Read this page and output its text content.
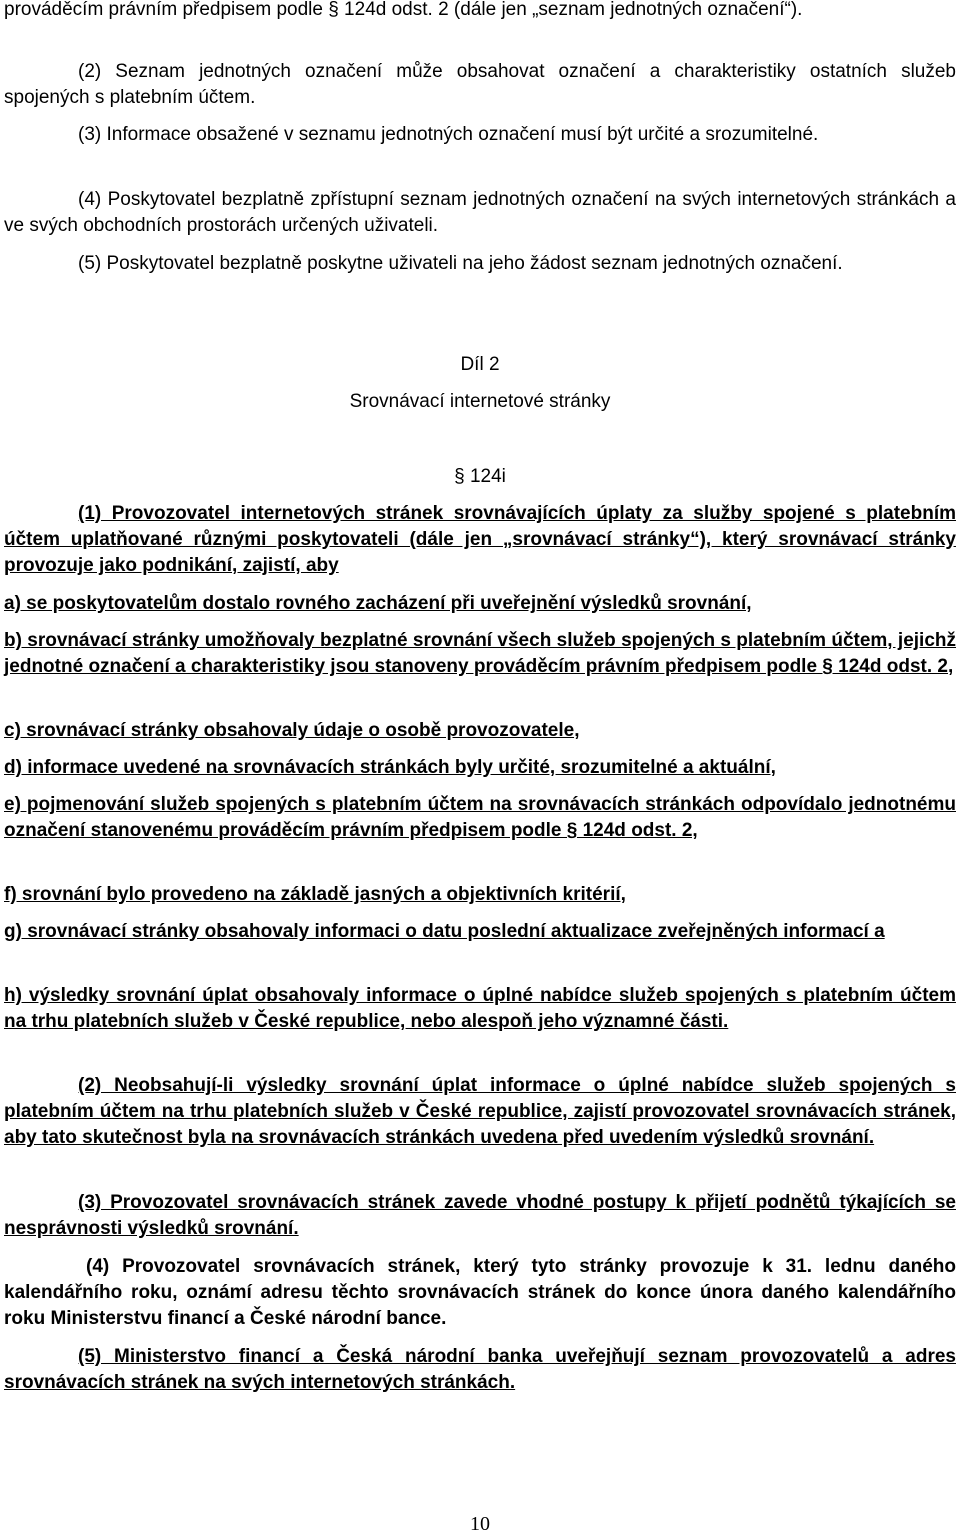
prováděcím právním předpisem podle § 124d odst. 2 (dále jen „seznam jednotných označení“).

(2) Seznam jednotných označení může obsahovat označení a charakteristiky ostatních služeb spojených s platebním účtem.

(3) Informace obsažené v seznamu jednotných označení musí být určité a srozumitelné.

(4) Poskytovatel bezplatně zpřístupní seznam jednotných označení na svých internetových stránkách a ve svých obchodních prostorách určených uživateli.

(5) Poskytovatel bezplatně poskytne uživateli na jeho žádost seznam jednotných označení.

Díl 2
Srovnávací internetové stránky
§ 124i

(1) Provozovatel internetových stránek srovnávajících úplaty za služby spojené s platebním účtem uplatňované různými poskytovateli (dále jen „srovnávací stránky“), který srovnávací stránky provozuje jako podnikání, zajistí, aby

a) se poskytovatelům dostalo rovného zacházení při uveřejnění výsledků srovnání,

b) srovnávací stránky umožňovaly bezplatné srovnání všech služeb spojených s platebním účtem, jejichž jednotné označení a charakteristiky jsou stanoveny prováděcím právním předpisem podle § 124d odst. 2,

c) srovnávací stránky obsahovaly údaje o osobě provozovatele,

d) informace uvedené na srovnávacích stránkách byly určité, srozumitelné a aktuální,

e) pojmenování služeb spojených s platebním účtem na srovnávacích stránkách odpovídalo jednotnému označení stanovenému prováděcím právním předpisem podle § 124d odst. 2,

f) srovnání bylo provedeno na základě jasných a objektivních kritérií,

g) srovnávací stránky obsahovaly informaci o datu poslední aktualizace zveřejněných informací a

h) výsledky srovnání úplat obsahovaly informace o úplné nabídce služeb spojených s platebním účtem na trhu platebních služeb v České republice, nebo alespoň jeho významné části.

(2) Neobsahují-li výsledky srovnání úplat informace o úplné nabídce služeb spojených s platebním účtem na trhu platebních služeb v České republice, zajistí provozovatel srovnávacích stránek, aby tato skutečnost byla na srovnávacích stránkách uvedena před uvedením výsledků srovnání.

(3) Provozovatel srovnávacích stránek zavede vhodné postupy k přijetí podnětů týkajících se nesprávnosti výsledků srovnání.

(4) Provozovatel srovnávacích stránek, který tyto stránky provozuje k 31. lednu daného kalendářního roku, oznámí adresu těchto srovnávacích stránek do konce února daného kalendářního roku Ministerstvu financí a České národní bance.

(5) Ministerstvo financí a Česká národní banka uveřejňují seznam provozovatelů a adres srovnávacích stránek na svých internetových stránkách.

10
